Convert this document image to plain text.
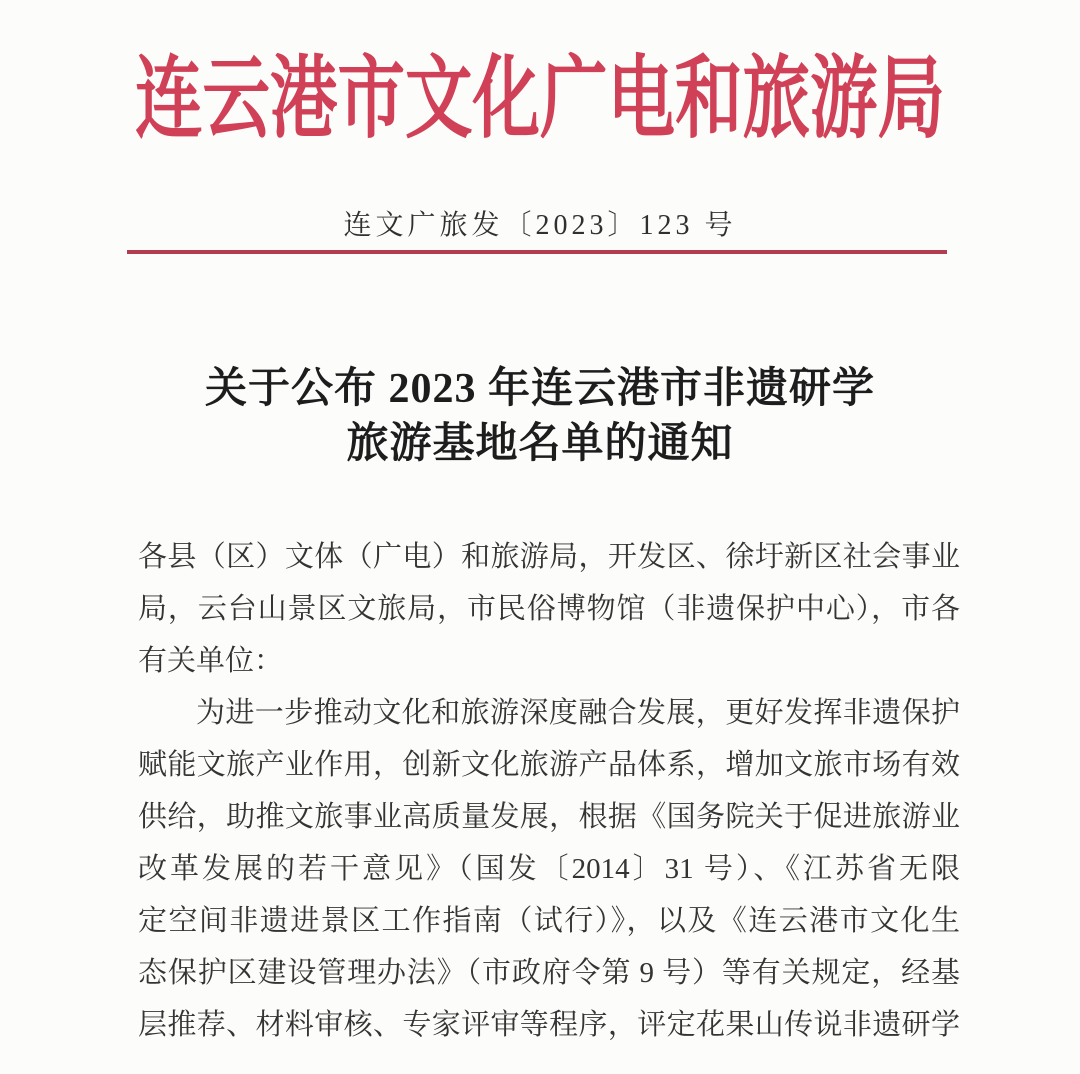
连云港市文化广电和旅游局
连文广旅发〔2023〕123 号
关于公布 2023 年连云港市非遗研学
旅游基地名单的通知
各县（区）文体（广电）和旅游局，开发区、徐圩新区社会事业
局，云台山景区文旅局，市民俗博物馆（非遗保护中心），市各
有关单位：
为进一步推动文化和旅游深度融合发展，更好发挥非遗保护
赋能文旅产业作用，创新文化旅游产品体系，增加文旅市场有效
供给，助推文旅事业高质量发展，根据《国务院关于促进旅游业
改革发展的若干意见》（国发〔2014〕31 号）、《江苏省无限
定空间非遗进景区工作指南（试行）》，以及《连云港市文化生
态保护区建设管理办法》（市政府令第 9 号）等有关规定，经基
层推荐、材料审核、专家评审等程序，评定花果山传说非遗研学
